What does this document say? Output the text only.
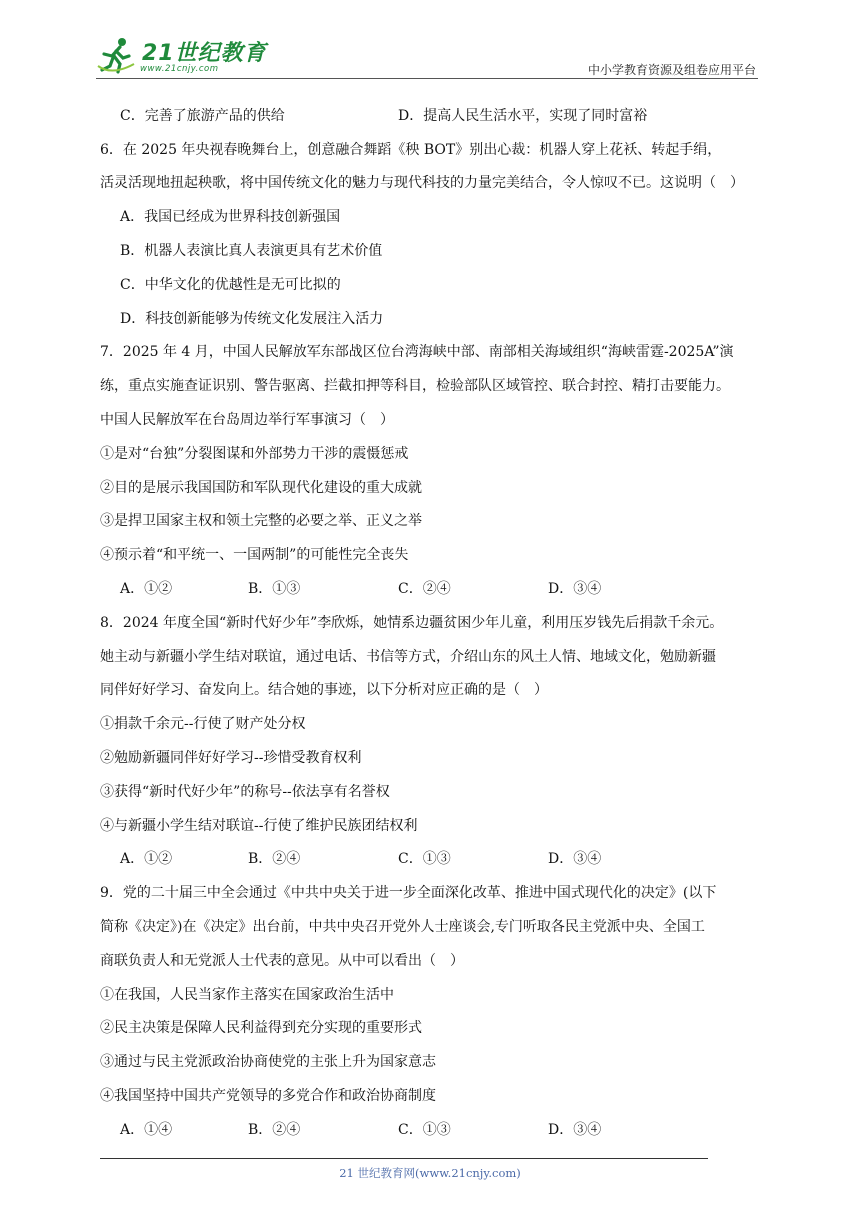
21世纪教育
www.21cnjy.com	中小学教育资源及组卷应用平台
C．完善了旅游产品的供给	D．提高人民生活水平，实现了同时富裕
6．在 2025 年央视春晚舞台上，创意融合舞蹈《秧 BOT》别出心裁：机器人穿上花袄、转起手绢，
活灵活现地扭起秧歌，将中国传统文化的魅力与现代科技的力量完美结合，令人惊叹不已。这说明（　）
A．我国已经成为世界科技创新强国
B．机器人表演比真人表演更具有艺术价值
C．中华文化的优越性是无可比拟的
D．科技创新能够为传统文化发展注入活力
7．2025 年 4 月，中国人民解放军东部战区位台湾海峡中部、南部相关海域组织“海峡雷霆-2025A”演
练，重点实施查证识别、警告驱离、拦截扣押等科目，检验部队区域管控、联合封控、精打击要能力。
中国人民解放军在台岛周边举行军事演习（　）
①是对“台独”分裂图谋和外部势力干涉的震慑惩戒
②目的是展示我国国防和军队现代化建设的重大成就
③是捍卫国家主权和领土完整的必要之举、正义之举
④预示着“和平统一、一国两制”的可能性完全丧失
A．①②	B．①③	C．②④	D．③④
8．2024 年度全国“新时代好少年”李欣烁，她情系边疆贫困少年儿童，利用压岁钱先后捐款千余元。
她主动与新疆小学生结对联谊，通过电话、书信等方式，介绍山东的风土人情、地域文化，勉励新疆
同伴好好学习、奋发向上。结合她的事迹，以下分析对应正确的是（　）
①捐款千余元--行使了财产处分权
②勉励新疆同伴好好学习--珍惜受教育权利
③获得“新时代好少年”的称号--依法享有名誉权
④与新疆小学生结对联谊--行使了维护民族团结权利
A．①②	B．②④	C．①③	D．③④
9．党的二十届三中全会通过《中共中央关于进一步全面深化改革、推进中国式现代化的决定》(以下
简称《决定》)在《决定》出台前，中共中央召开党外人士座谈会,专门听取各民主党派中央、全国工
商联负责人和无党派人士代表的意见。从中可以看出（　）
①在我国，人民当家作主落实在国家政治生活中
②民主决策是保障人民利益得到充分实现的重要形式
③通过与民主党派政治协商使党的主张上升为国家意志
④我国坚持中国共产党领导的多党合作和政治协商制度
A．①④	B．②④	C．①③	D．③④
21 世纪教育网(www.21cnjy.com)
